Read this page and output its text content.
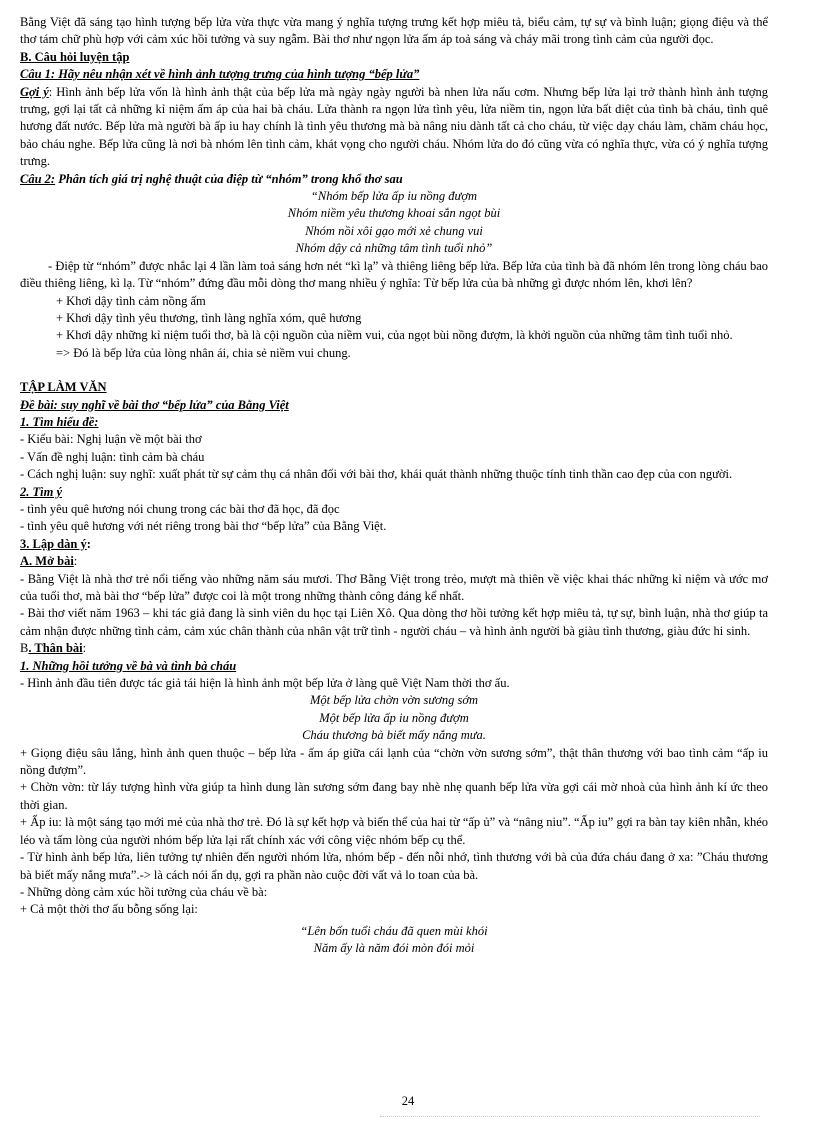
Bằng Việt đã sáng tạo hình tượng bếp lửa vừa thực vừa mang ý nghĩa tượng trưng kết hợp miêu tả, biểu cảm, tự sự và bình luận; giọng điệu và thể thơ tám chữ phù hợp với cảm xúc hồi tưởng và suy ngẫm. Bài thơ như ngọn lửa ấm áp toả sáng và cháy mãi trong tình cảm của người đọc.

B. Câu hỏi luyện tập

Câu 1: Hãy nêu nhận xét về hình ảnh tượng trưng của hình tượng “bếp lửa”

Gợi ý: Hình ảnh bếp lửa vốn là hình ảnh thật của bếp lửa mà ngày ngày người bà nhen lửa nấu cơm. Nhưng bếp lửa lại trở thành hình ảnh tượng trưng, gợi lại tất cả những kỉ niệm ấm áp của hai bà cháu. Lửa thành ra ngọn lửa tình yêu, lửa niềm tin, ngọn lửa bất diệt của tình bà cháu, tình quê hương đất nước. Bếp lửa mà người bà ấp iu hay chính là tình yêu thương mà bà nâng niu dành tất cả cho cháu, từ việc dạy cháu làm, chăm cháu học, bảo cháu nghe. Bếp lửa cũng là nơi bà nhóm lên tình cảm, khát vọng cho người cháu. Nhóm lửa do đó cũng vừa có nghĩa thực, vừa có ý nghĩa tượng trưng.

Câu 2: Phân tích giá trị nghệ thuật của điệp từ “nhóm” trong khổ thơ sau

“Nhóm bếp lửa ấp iu nồng đượm

Nhóm niềm yêu thương khoai sắn ngọt bùi

Nhóm nồi xôi gạo mới xẻ chung vui

Nhóm dậy cả những tâm tình tuổi nhỏ”

- Điệp từ “nhóm” được nhắc lại 4 lần làm toả sáng hơn nét “kì lạ” và thiêng liêng bếp lửa. Bếp lửa của tình bà đã nhóm lên trong lòng cháu bao điều thiêng liêng, kì lạ. Từ “nhóm” đứng đầu mỗi dòng thơ mang nhiều ý nghĩa: Từ bếp lửa của bà những gì được nhóm lên, khơi lên?

+ Khơi dậy tình cảm nồng ấm

+ Khơi dậy tình yêu thương, tình làng nghĩa xóm, quê hương

+ Khơi dậy những kỉ niệm tuổi thơ, bà là cội nguồn của niềm vui, của ngọt bùi nồng đượm, là khởi nguồn của những tâm tình tuổi nhỏ.

=> Đó là bếp lửa của lòng nhân ái, chia sẻ niềm vui chung.

TẬP LÀM VĂN

Đề bài: suy nghĩ về bài thơ “bếp lửa” của Bằng Việt

1. Tìm hiểu đề:

- Kiểu bài: Nghị luận về một bài thơ

- Vấn đề nghị luận: tình cảm bà cháu

- Cách nghị luận: suy nghĩ: xuất phát từ sự cảm thụ cá nhân đối với bài thơ, khái quát thành những thuộc tính tinh thần cao đẹp của con người.

2. Tìm ý

- tình yêu quê hương nói chung trong các bài thơ đã học, đã đọc

- tình yêu quê hương với nét riêng trong bài thơ “bếp lửa” của Bằng Việt.

3. Lập dàn ý:

A. Mở bài:

- Bằng Việt là nhà thơ trẻ nổi tiếng vào những năm sáu mươi. Thơ Bằng Việt trong trẻo, mượt mà thiên về việc khai thác những kỉ niệm và ước mơ của tuổi thơ, mà bài thơ “bếp lửa” được coi là một trong những thành công đáng kể nhất.

- Bài thơ viết năm 1963 – khi tác giả đang là sinh viên du học tại Liên Xô. Qua dòng thơ hồi tưởng kết hợp miêu tả, tự sự, bình luận, nhà thơ giúp ta cảm nhận được những tình cảm, cảm xúc chân thành của nhân vật trữ tình - người cháu – và hình ảnh người bà giàu tình thương, giàu đức hi sinh.

B. Thân bài:

1. Những hồi tưởng về bà và tình bà cháu

- Hình ảnh đầu tiên được tác giả tái hiện là hình ảnh một bếp lửa ở làng quê Việt Nam thời thơ ấu.

Một bếp lửa chờn vờn sương sớm

Một bếp lửa ấp iu nồng đượm

Cháu thương bà biết mấy nắng mưa.

+ Giọng điệu sâu lắng, hình ảnh quen thuộc – bếp lửa - ấm áp giữa cái lạnh của “chờn vờn sương sớm”, thật thân thương với bao tình cảm “ấp iu nồng đượm”.

+ Chờn vờn: từ láy tượng hình vừa giúp ta hình dung làn sương sớm đang bay nhè nhẹ quanh bếp lửa vừa gợi cái mờ nhoà của hình ảnh kí ức theo thời gian.

+ Ấp iu: là một sáng tạo mới mẻ của nhà thơ trẻ. Đó là sự kết hợp và biến thể của hai từ “ấp ủ” và “nâng niu”. “Ấp iu” gợi ra bàn tay kiên nhẫn, khéo léo và tấm lòng của người nhóm bếp lửa lại rất chính xác với công việc nhóm bếp cụ thể.

- Từ hình ảnh bếp lửa, liên tưởng tự nhiên đến người nhóm lửa, nhóm bếp - đến nỗi nhớ, tình thương với bà của đứa cháu đang ở xa: ”Cháu thương bà biết mấy nắng mưa”.-> là cách nói ẩn dụ, gợi ra phần nào cuộc đời vất vả lo toan của bà.

- Những dòng cảm xúc hồi tưởng của cháu về bà:

+ Cả một thời thơ ấu bỗng sống lại:

“Lên bốn tuổi cháu đã quen mùi khói

Năm ấy là năm đói mòn đói mỏi

24
